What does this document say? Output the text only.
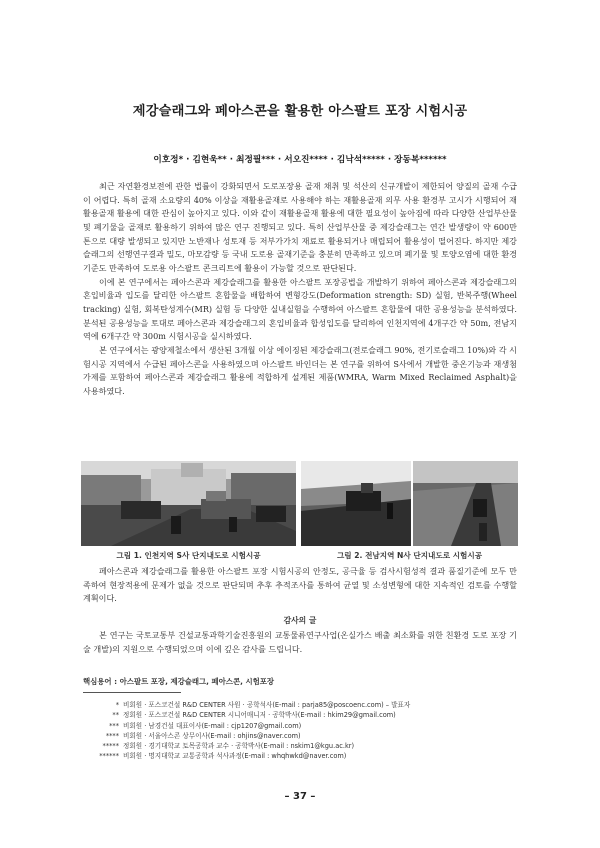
제강슬래그와 페아스콘을 활용한 아스팔트 포장 시험시공
이호정* · 김현욱** · 최정필*** · 서오진**** · 김낙석***** · 장동복******

최근 자연환경보전에 관한 법률이 강화되면서 도로포장용 골재 채취 및 석산의 신규개발이 제한되어 양질의 골재 수급이 어렵다. 특히 골재 소요량의 40% 이상을 재활용골재로 사용해야 하는 재활용골재 의무 사용 환경부 고시가 시행되어 재활용골재 활용에 대한 관심이 높아지고 있다. 이와 같이 재활용골재 활용에 대한 필요성이 높아짐에 따라 다양한 산업부산물 및 폐기물을 골재로 활용하기 위하여 많은 연구 진행되고 있다. 특히 산업부산물 중 제강슬래그는 연간 발생량이 약 600만 톤으로 대량 발생되고 있지만 노반재나 성토재 등 저부가가치 재료로 활용되거나 매립되어 활용성이 떨어진다. 하지만 제강슬래그의 선행연구결과 밀도, 마모감량 등 국내 도로용 골재기준을 충분히 만족하고 있으며 폐기물 및 토양오염에 대한 환경기준도 만족하여 도로용 아스팔트 콘크리트에 활용이 가능할 것으로 판단된다.

이에 본 연구에서는 페아스콘과 제강슬래그를 활용한 아스팔트 포장공법을 개발하기 위하여 페아스콘과 제강슬래그의 혼입비율과 입도를 달리한 아스팔트 혼합물을 배합하여 변형강도(Deformation strength: SD) 실험, 반복주행(Wheel tracking) 실험, 회복탄성계수(MR) 실험 등 다양한 실내실험을 수행하여 아스팔트 혼합물에 대한 공용성능을 분석하였다. 분석된 공용성능을 토대로 페아스콘과 제강슬래그의 혼입비율과 합성입도를 달리하여 인천지역에 4개구간 약 50m, 전남지역에 6개구간 약 300m 시험시공을 실시하였다.

본 연구에서는 광양제철소에서 생산된 3개월 이상 에이징된 제강슬래그(전로슬래그 90%, 전기로슬래그 10%)와 각 시험시공 지역에서 수급된 페아스콘을 사용하였으며 아스팔트 바인더는 본 연구를 위하여 S사에서 개발한 중온기능과 재생첨가제를 포함하여 페아스콘과 제강슬래그 활용에 적합하게 설계된 제품(WMRA, Warm Mixed Reclaimed Asphalt)을 사용하였다.

그림 1. 인천지역 S사 단지내도로 시험시공	그림 2. 전남지역 N사 단지내도로 시험시공

페아스콘과 제강슬래그를 활용한 아스팔트 포장 시험시공의 안정도, 공극율 등 검사시험성적 결과 품질기준에 모두 만족하여 현장적용에 문제가 없을 것으로 판단되며 추후 추적조사를 통하여 균열 및 소성변형에 대한 지속적인 검토를 수행할 계획이다.

감사의 글

본 연구는 국토교통부 건설교통과학기술진흥원의 교통물류연구사업(온실가스 배출 최소화를 위한 친환경 도로 포장 기술 개발)의 지원으로 수행되었으며 이에 깊은 감사를 드립니다.

핵심용어 : 아스팔트 포장, 제강슬래그, 페아스콘, 시험포장
* 비회원 · 포스코건설 R&D CENTER 사원 · 공학석사(E-mail : parja85@poscoenc.com) – 발표자
** 정회원 · 포스코건설 R&D CENTER 시니어매니저 · 공학박사(E-mail : hkim29@gmail.com)
*** 비회원 · 남경건설 대표이사(E-mail : cjp1207@gmail.com)
**** 비회원 · 서울아스콘 상무이사(E-mail : ohjins@naver.com)
***** 정회원 · 경기대학교 토목공학과 교수 · 공학박사(E-mail : nskim1@kgu.ac.kr)
****** 비회원 · 명지대학교 교통공학과 석사과정(E-mail : whqhwkd@naver.com)
– 37 –
